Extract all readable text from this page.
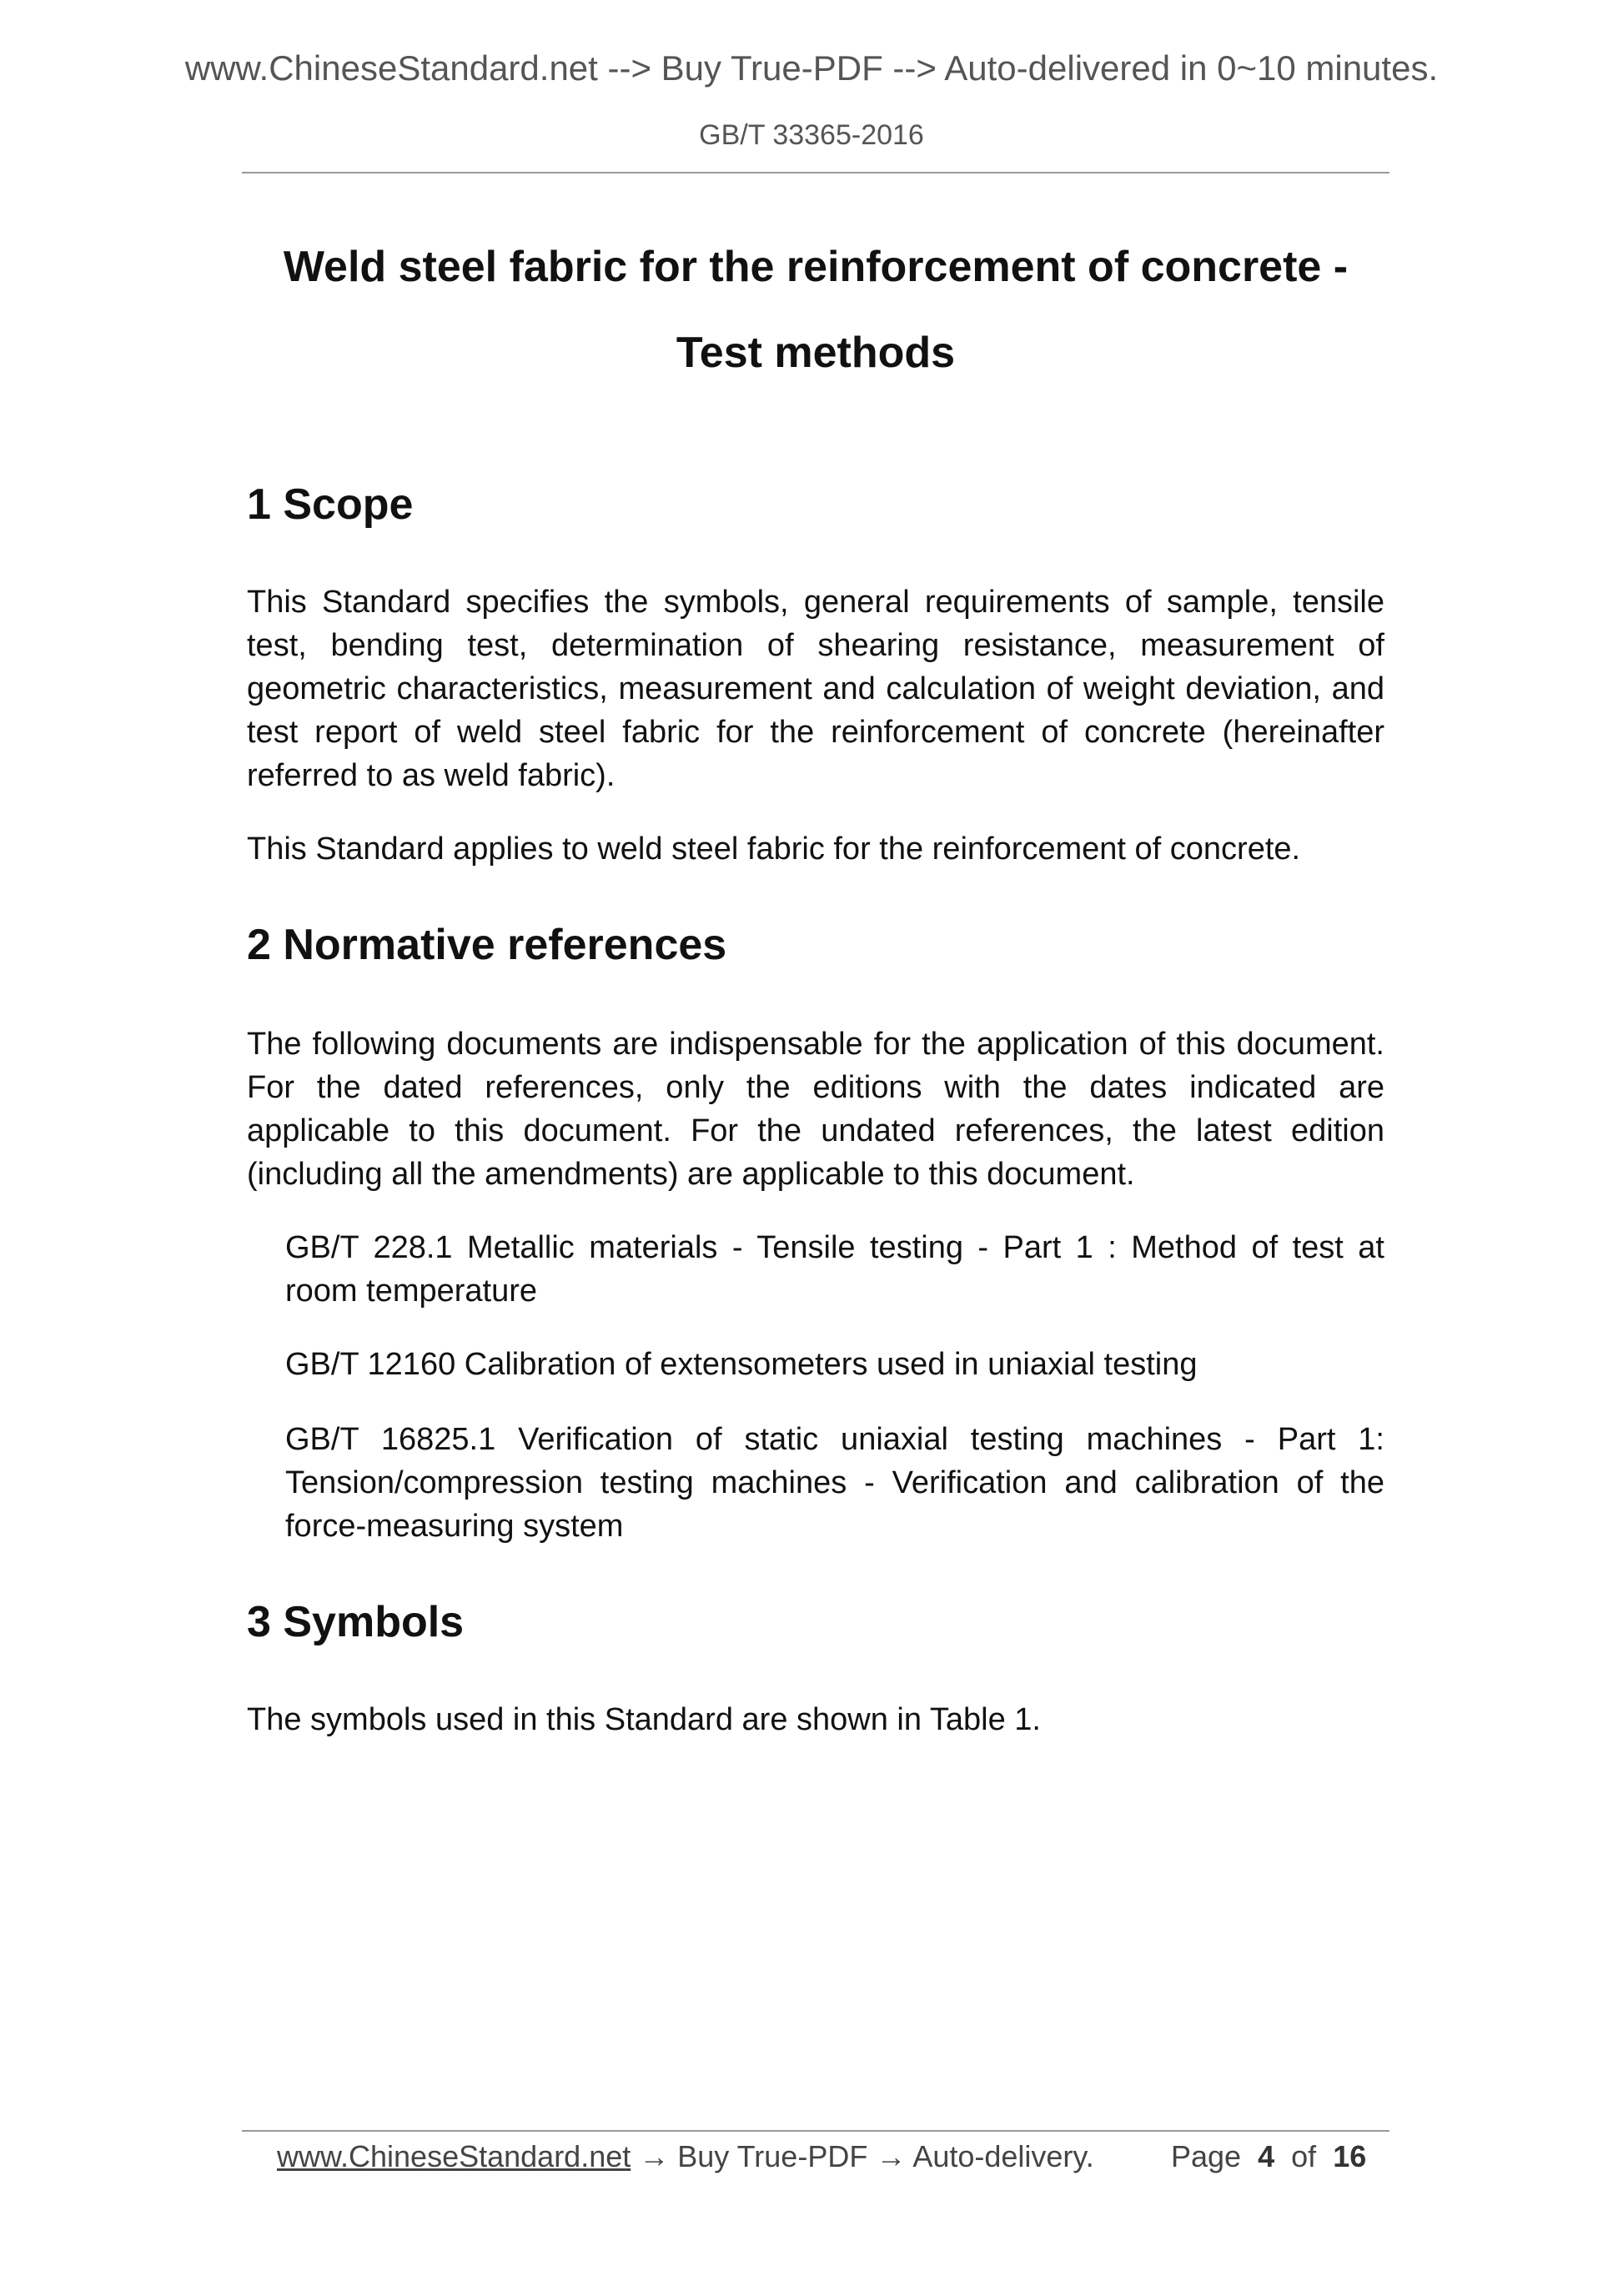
www.ChineseStandard.net --> Buy True-PDF --> Auto-delivered in 0~10 minutes.
GB/T 33365-2016
Weld steel fabric for the reinforcement of concrete -
Test methods
1 Scope

This Standard specifies the symbols, general requirements of sample, tensile test, bending test, determination of shearing resistance, measurement of geometric characteristics, measurement and calculation of weight deviation, and test report of weld steel fabric for the reinforcement of concrete (hereinafter referred to as weld fabric).

This Standard applies to weld steel fabric for the reinforcement of concrete.

2 Normative references

The following documents are indispensable for the application of this document. For the dated references, only the editions with the dates indicated are applicable to this document. For the undated references, the latest edition (including all the amendments) are applicable to this document.

GB/T 228.1 Metallic materials - Tensile testing - Part 1 : Method of test at room temperature

GB/T 12160 Calibration of extensometers used in uniaxial testing

GB/T 16825.1 Verification of static uniaxial testing machines - Part 1: Tension/compression testing machines - Verification and calibration of the force-measuring system

3 Symbols

The symbols used in this Standard are shown in Table 1.

www.ChineseStandard.net → Buy True-PDF → Auto-delivery.	Page 4 of 16
